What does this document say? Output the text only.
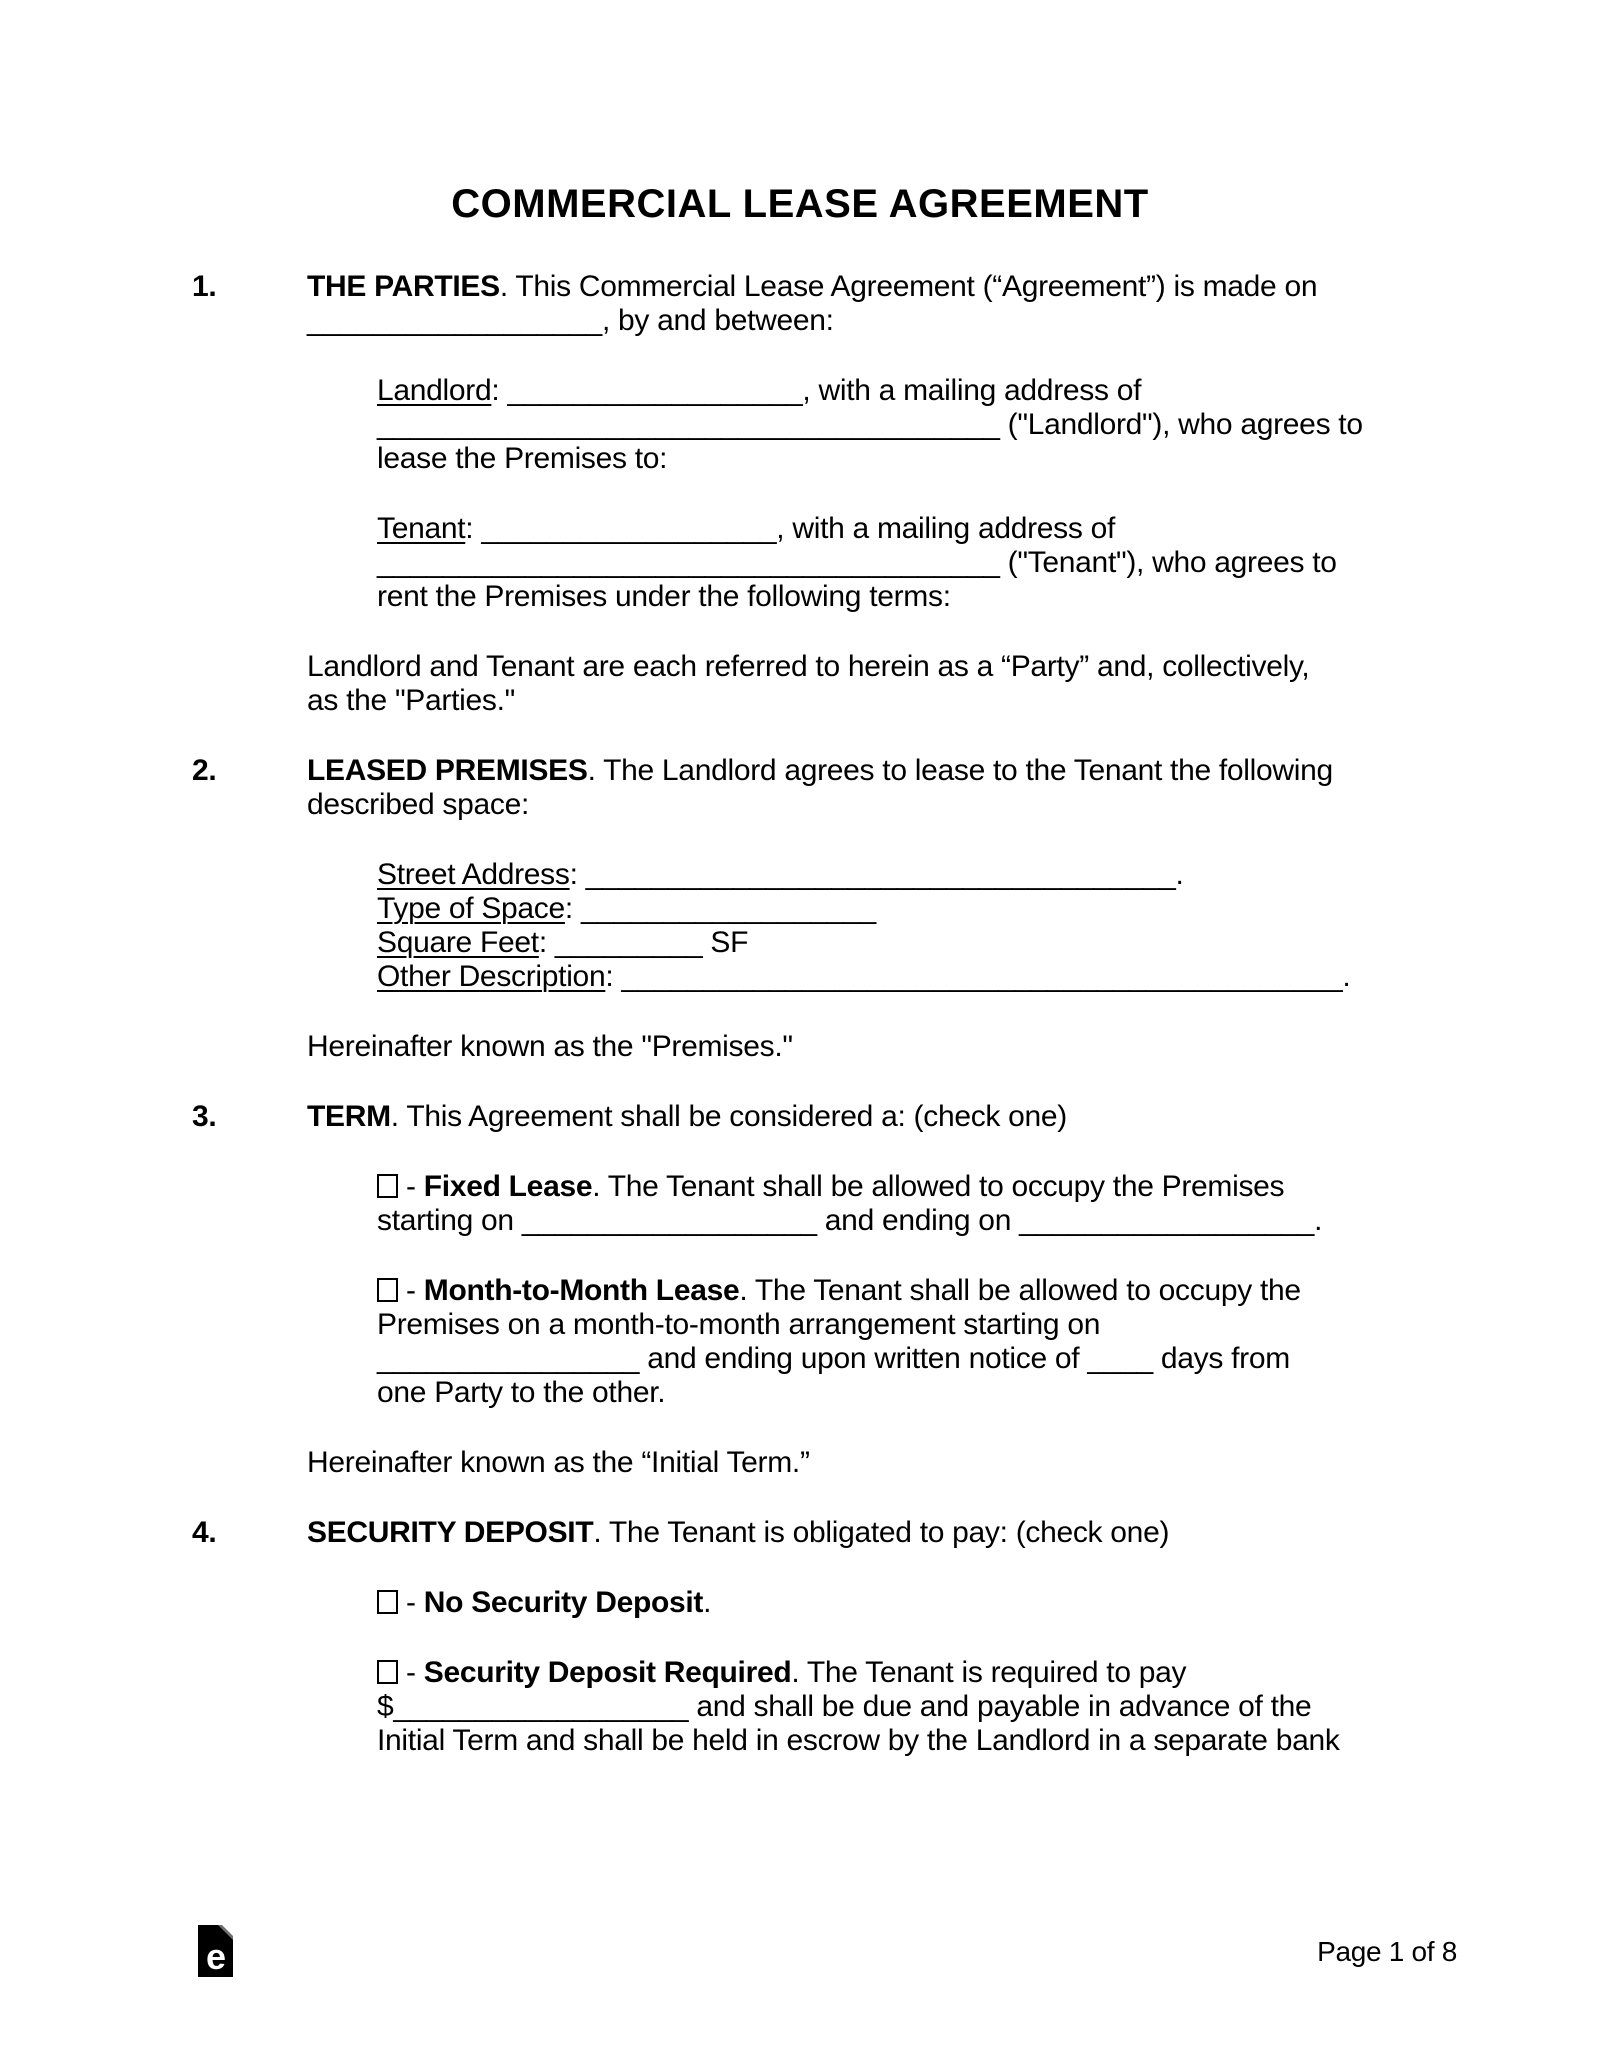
COMMERCIAL LEASE AGREEMENT
1.	THE PARTIES. This Commercial Lease Agreement (“Agreement”) is made on
__________________, by and between:
Landlord: __________________, with a mailing address of
______________________________________ ("Landlord"), who agrees to
lease the Premises to:
Tenant: __________________, with a mailing address of
______________________________________ ("Tenant"), who agrees to
rent the Premises under the following terms:
Landlord and Tenant are each referred to herein as a “Party” and, collectively,
as the "Parties."
2.	LEASED PREMISES. The Landlord agrees to lease to the Tenant the following
described space:
Street Address: ____________________________________.
Type of Space: __________________
Square Feet: _________ SF
Other Description: ____________________________________________.
Hereinafter known as the "Premises."
3.	TERM. This Agreement shall be considered a: (check one)
- Fixed Lease. The Tenant shall be allowed to occupy the Premises
starting on __________________ and ending on __________________.
- Month-to-Month Lease. The Tenant shall be allowed to occupy the
Premises on a month-to-month arrangement starting on
________________ and ending upon written notice of ____ days from
one Party to the other.
Hereinafter known as the “Initial Term.”
4.	SECURITY DEPOSIT. The Tenant is obligated to pay: (check one)
- No Security Deposit.
- Security Deposit Required. The Tenant is required to pay
$__________________ and shall be due and payable in advance of the
Initial Term and shall be held in escrow by the Landlord in a separate bank
e	Page 1 of 8
